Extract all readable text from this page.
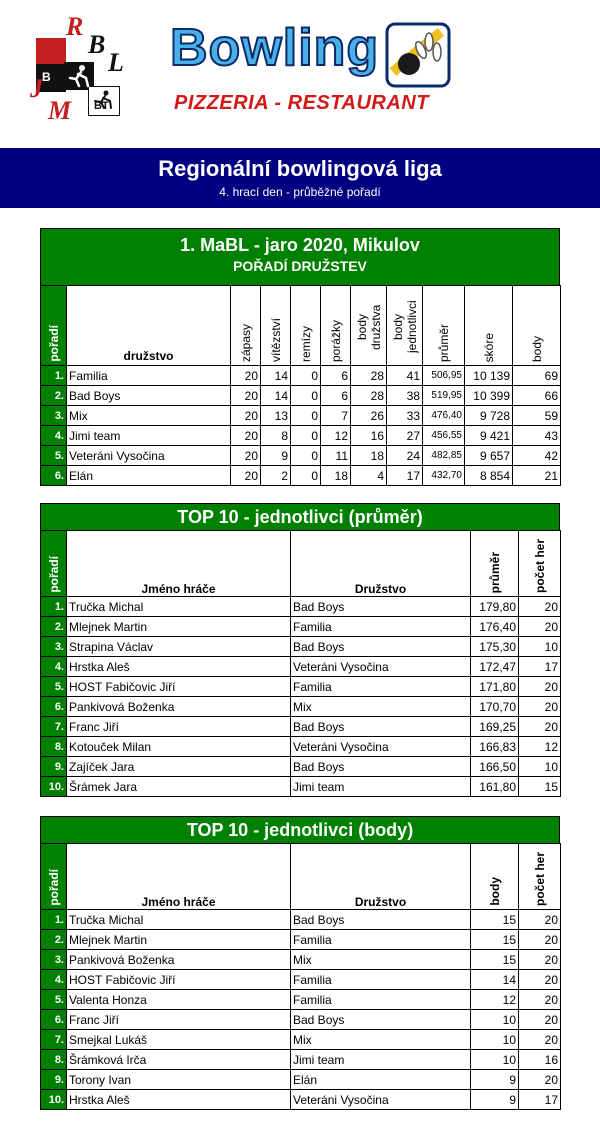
R
B
L
J
M
B
BT
Bowling
PIZZERIA - RESTAURANT
Regionální bowlingová liga
4. hrací den - průběžné pořadí
1. MaBL - jaro 2020, Mikulov
POŘADÍ DRUŽSTEV
pořadí	družstvo	zápasy	vítězství	remízy	porážky	body družstva	body jednotlivci	průměr	skóre	body
1.	Familia	20	14	0	6	28	41	506,95	10 139	69
2.	Bad Boys	20	14	0	6	28	38	519,95	10 399	66
3.	Mix	20	13	0	7	26	33	476,40	9 728	59
4.	Jimi team	20	8	0	12	16	27	456,55	9 421	43
5.	Veteráni Vysočina	20	9	0	11	18	24	482,85	9 657	42
6.	Elán	20	2	0	18	4	17	432,70	8 854	21
TOP 10 - jednotlivci (průměr)
pořadí	Jméno hráče	Družstvo	průměr	počet her
1.	Tručka Michal	Bad Boys	179,80	20
2.	Mlejnek Martin	Familia	176,40	20
3.	Strapina Václav	Bad Boys	175,30	10
4.	Hrstka Aleš	Veteráni Vysočina	172,47	17
5.	HOST Fabičovic Jiří	Familia	171,80	20
6.	Pankivová Boženka	Mix	170,70	20
7.	Franc Jiří	Bad Boys	169,25	20
8.	Kotouček Milan	Veteráni Vysočina	166,83	12
9.	Zajíček Jara	Bad Boys	166,50	10
10.	Šrámek Jara	Jimi team	161,80	15
TOP 10 - jednotlivci (body)
pořadí	Jméno hráče	Družstvo	body	počet her
1.	Tručka Michal	Bad Boys	15	20
2.	Mlejnek Martin	Familia	15	20
3.	Pankivová Boženka	Mix	15	20
4.	HOST Fabičovic Jiří	Familia	14	20
5.	Valenta Honza	Familia	12	20
6.	Franc Jiří	Bad Boys	10	20
7.	Smejkal Lukáš	Mix	10	20
8.	Šrámková Irča	Jimi team	10	16
9.	Torony Ivan	Elán	9	20
10.	Hrstka Aleš	Veteráni Vysočina	9	17
